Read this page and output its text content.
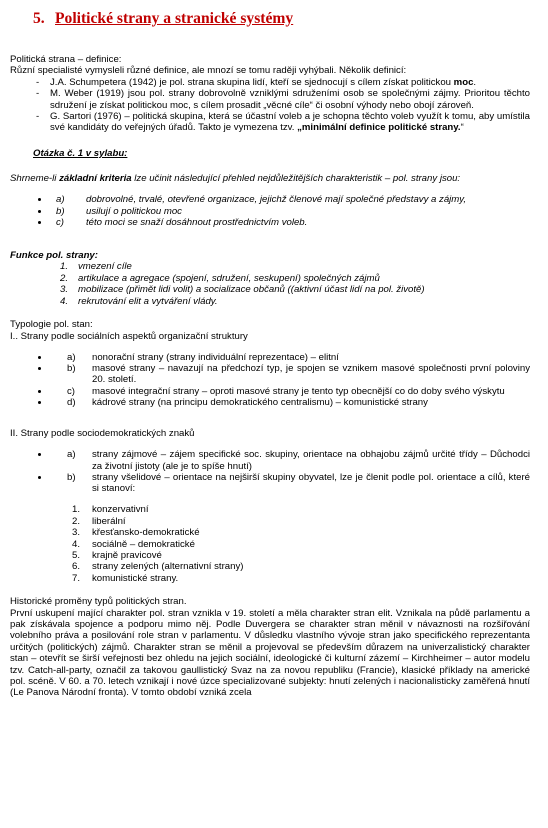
5. Politické strany a stranické systémy

Politická strana – definice:

Různí specialisté vymysleli různé definice, ale mnozí se tomu raději vyhýbali. Několik definicí:

- J.A. Schumpetera (1942) je pol. strana skupina lidí, kteří se sjednocují s cílem získat politickou moc.
- M. Weber (1919) jsou pol. strany dobrovolně vzniklými sdruženími osob se společnými zájmy. Prioritou těchto sdružení je získat politickou moc, s cílem prosadit „věcné cíle“ či osobní výhody nebo obojí zároveň.
- G. Sartori (1976) – politická skupina, která se účastní voleb a je schopna těchto voleb využít k tomu, aby umístila své kandidáty do veřejných úřadů. Takto je vymezena tzv. „minimální definice politické strany.“

Otázka č. 1 v sylabu:

Shrneme-li základní kriteria lze učinit následující přehled nejdůležitějších charakteristik – pol. strany jsou:

• a) dobrovolné, trvalé, otevřené organizace, jejichž členové mají společné představy a zájmy,
• b) usilují o politickou moc
• c) této moci se snaží dosáhnout prostřednictvím voleb.

Funkce pol. strany:

1. vmezení cíle
2. artikulace a agregace (spojení, sdružení, seskupení) společných zájmů
3. mobilizace (přimět lidi volit) a socializace občanů ((aktivní účast lidí na pol. životě)
4. rekrutování elit a vytváření vlády.

Typologie pol. stan:

I.. Strany podle sociálních aspektů organizační struktury

• a) nonorační strany (strany individuální reprezentace) – elitní
• b) masové strany – navazují na předchozí typ, je spojen se vznikem masové společnosti první poloviny 20. století.
• c) masové integrační strany – oproti masové strany je tento typ obecnější co do doby svého výskytu
• d) kádrové strany (na principu demokratického centralismu) – komunistické strany

II. Strany podle sociodemokratických znaků

• a) strany zájmové – zájem specifické soc. skupiny, orientace na obhajobu zájmů určité třídy – Důchodci za životní jistoty (ale je to spíše hnutí)
• b) strany všelidové – orientace na nejširší skupiny obyvatel, lze je členit podle pol. orientace a cílů, které si stanoví:
1. konzervativní
2. liberální
3. křesťansko-demokratické
4. sociálně – demokratické
5. krajně pravicové
6. strany zelených (alternativní strany)
7. komunistické strany.

Historické proměny typů politických stran.

První uskupení mající charakter pol. stran vznikla v 19. století a měla charakter stran elit. Vznikala na půdě parlamentu a pak získávala spojence a podporu mimo něj. Podle Duvergera se charakter stran měnil v návaznosti na rozšiřování volebního práva a posilování role stran v parlamentu. V důsledku vlastního vývoje stran jako specifického reprezentanta určitých (politických) zájmů. Charakter stran se měnil a projevoval se především důrazem na univerzalistický charakter stan – otevřít se širší veřejnosti bez ohledu na jejich sociální, ideologické či kulturní zázemí – Kirchheimer – autor modelu tzv. Catch-all-party, označil za takovou gaullistický Svaz na za novou republiku (Francie), klasické příklady na americké pol. scéně. V 60. a 70. letech vznikají i nové úzce specializované subjekty: hnutí zelených i nacionalisticky zaměřená hnutí (Le Panova Národní fronta). V tomto období vzniká zcela
